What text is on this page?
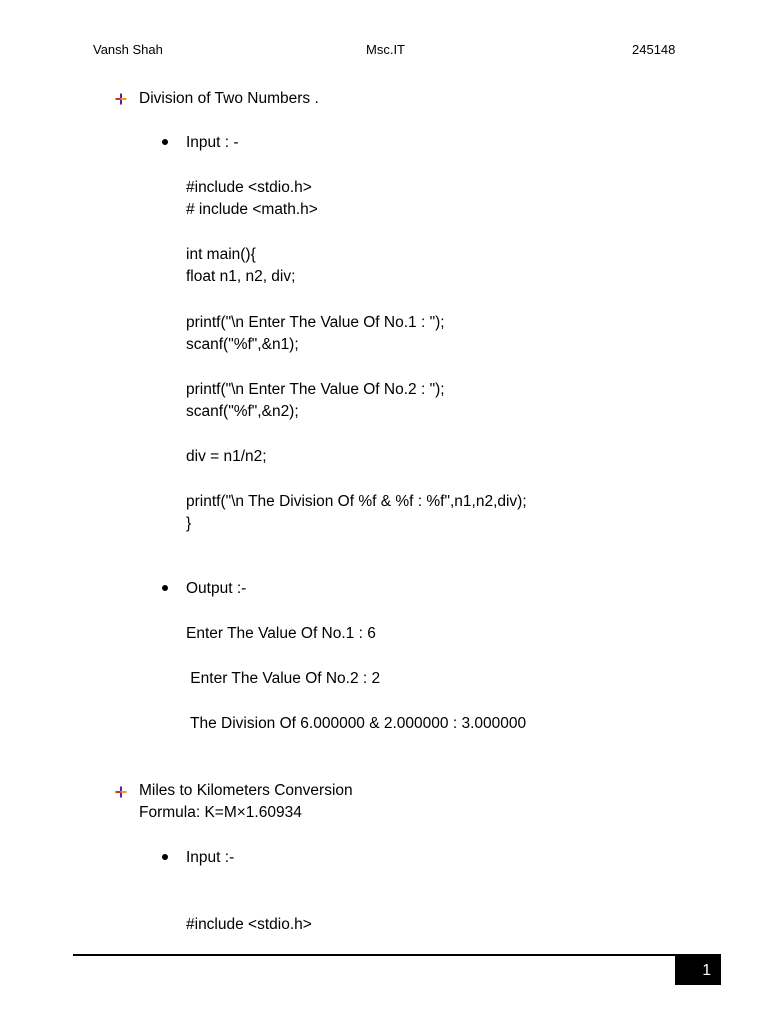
Vansh Shah	Msc.IT	245148
Division of Two Numbers .
Input : -
#include <stdio.h>
# include <math.h>
int main(){
float n1, n2, div;
printf("\n Enter The Value Of No.1 : ");
scanf("%f",&n1);
printf("\n Enter The Value Of No.2 : ");
scanf("%f",&n2);
div = n1/n2;
printf("\n The Division Of %f & %f : %f",n1,n2,div);
}
Output :-
Enter The Value Of No.1 : 6
Enter The Value Of No.2 : 2
The Division Of 6.000000 & 2.000000 : 3.000000
Miles to Kilometers Conversion
Formula: K=M×1.60934
Input :-
#include <stdio.h>
1
